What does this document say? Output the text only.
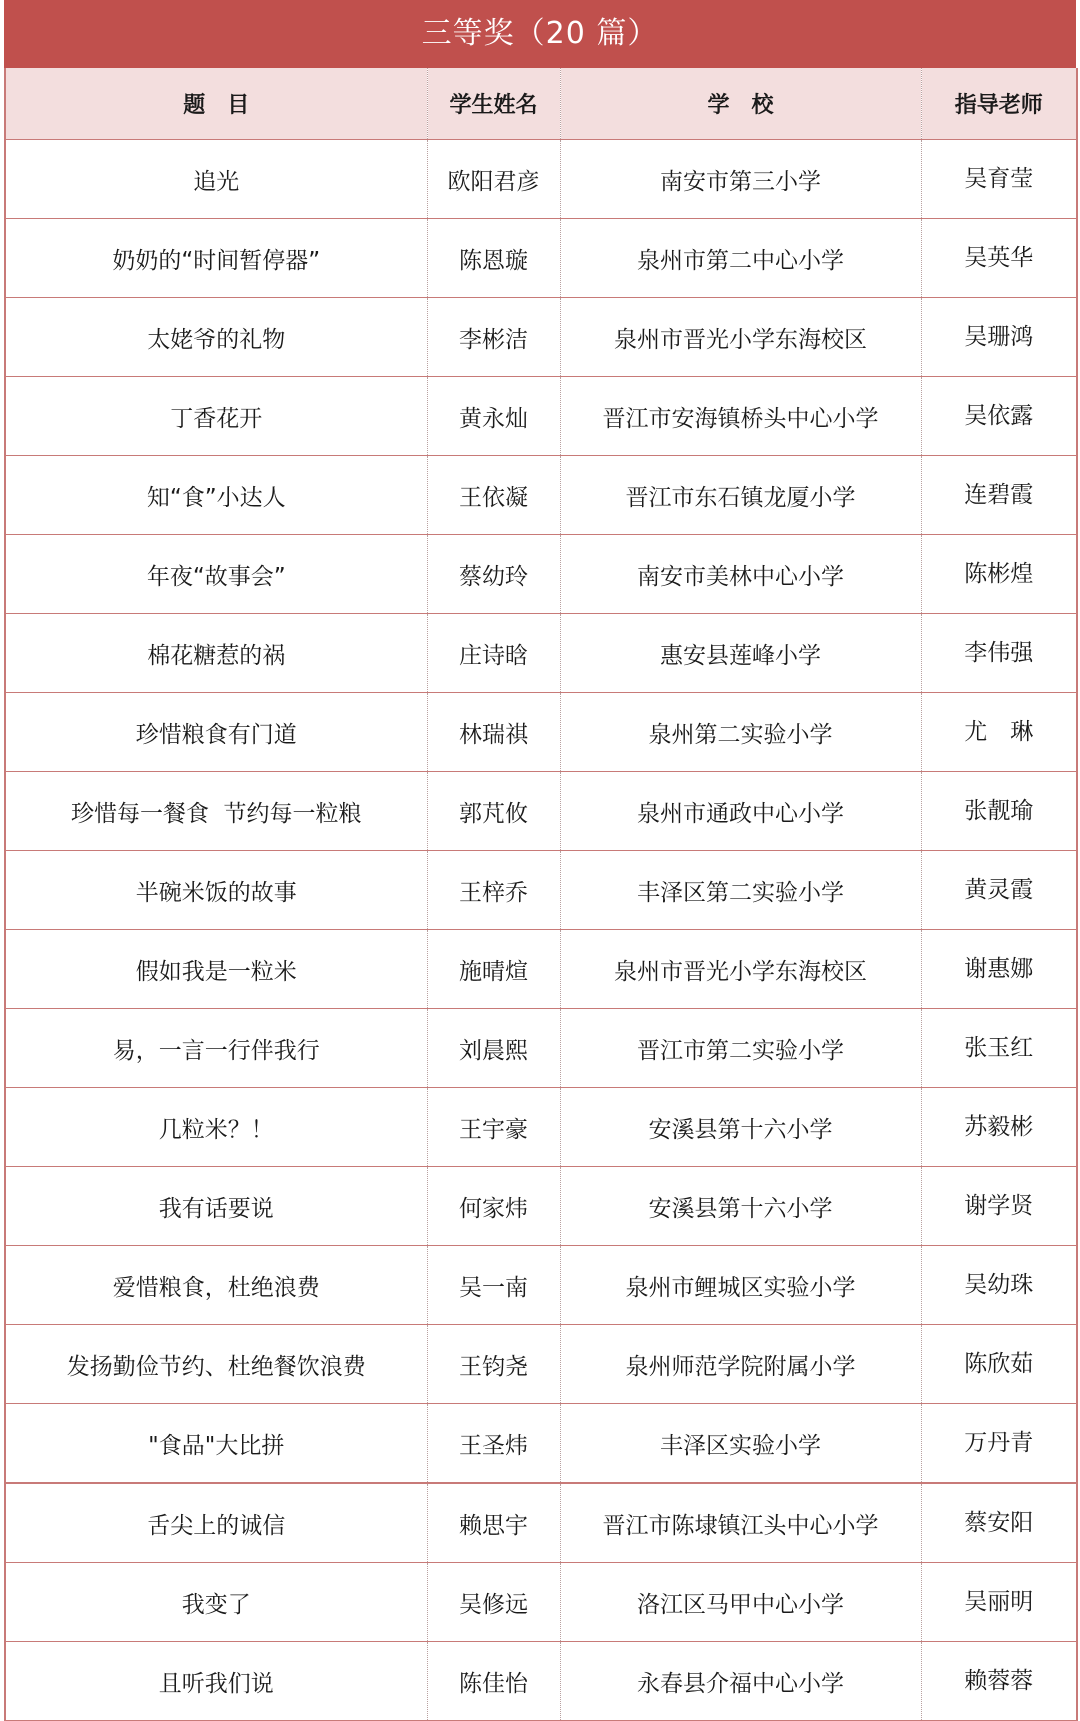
三等奖（20 篇）
题　目	学生姓名	学　校	指导老师
追光	欧阳君彦	南安市第三小学	吴育莹
奶奶的“时间暂停器”	陈恩璇	泉州市第二中心小学	吴英华
太姥爷的礼物	李彬洁	泉州市晋光小学东海校区	吴珊鸿
丁香花开	黄永灿	晋江市安海镇桥头中心小学	吴依露
知“食”小达人	王依凝	晋江市东石镇龙厦小学	连碧霞
年夜“故事会”	蔡幼玲	南安市美林中心小学	陈彬煌
棉花糖惹的祸	庄诗晗	惠安县莲峰小学	李伟强
珍惜粮食有门道	林瑞祺	泉州第二实验小学	尤　琳
珍惜每一餐食  节约每一粒粮	郭芃攸	泉州市通政中心小学	张靓瑜
半碗米饭的故事	王梓乔	丰泽区第二实验小学	黄灵霞
假如我是一粒米	施晴煊	泉州市晋光小学东海校区	谢惠娜
易，一言一行伴我行	刘晨熙	晋江市第二实验小学	张玉红
几粒米？！	王宇豪	安溪县第十六小学	苏毅彬
我有话要说	何家炜	安溪县第十六小学	谢学贤
爱惜粮食，杜绝浪费	吴一南	泉州市鲤城区实验小学	吴幼珠
发扬勤俭节约、杜绝餐饮浪费	王钧尧	泉州师范学院附属小学	陈欣茹
"食品"大比拼	王圣炜	丰泽区实验小学	万丹青
舌尖上的诚信	赖思宇	晋江市陈埭镇江头中心小学	蔡安阳
我变了	吴修远	洛江区马甲中心小学	吴丽明
且听我们说	陈佳怡	永春县介福中心小学	赖蓉蓉
